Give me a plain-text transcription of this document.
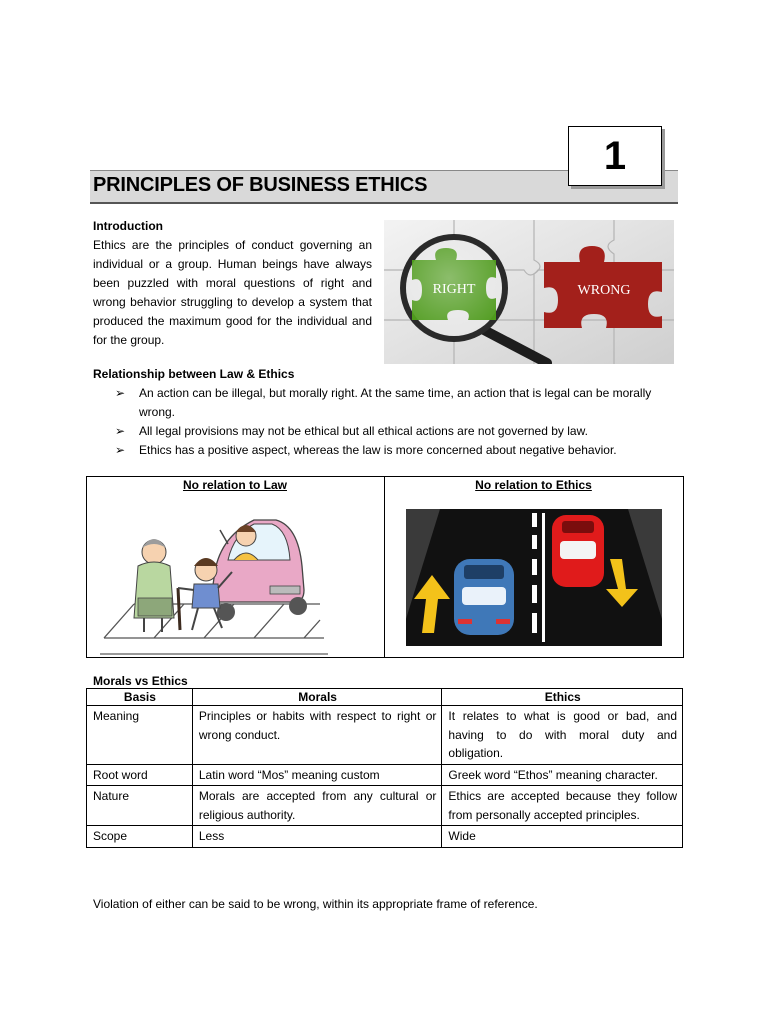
1
PRINCIPLES OF BUSINESS ETHICS
Introduction
Ethics are the principles of conduct governing an individual or a group. Human beings have always been puzzled with moral questions of right and wrong behavior struggling to develop a system that produced the maximum good for the individual and for the group.
WRONG
Relationship between Law & Ethics
➢ An action can be illegal, but morally right. At the same time, an action that is legal can be morally wrong.
➢ All legal provisions may not be ethical but all ethical actions are not governed by law.
➢ Ethics has a positive aspect, whereas the law is more concerned about negative behavior.
No relation to Law	No relation to Ethics
Morals vs Ethics
Basis	Morals	Ethics
Meaning	Principles or habits with respect to right or wrong conduct.	It relates to what is good or bad, and having to do with moral duty and obligation.
Root word	Latin word “Mos” meaning custom	Greek word “Ethos” meaning character.
Nature	Morals are accepted from any cultural or religious authority.	Ethics are accepted because they follow from personally accepted principles.
Scope	Less	Wide
Violation of either can be said to be wrong, within its appropriate frame of reference.
